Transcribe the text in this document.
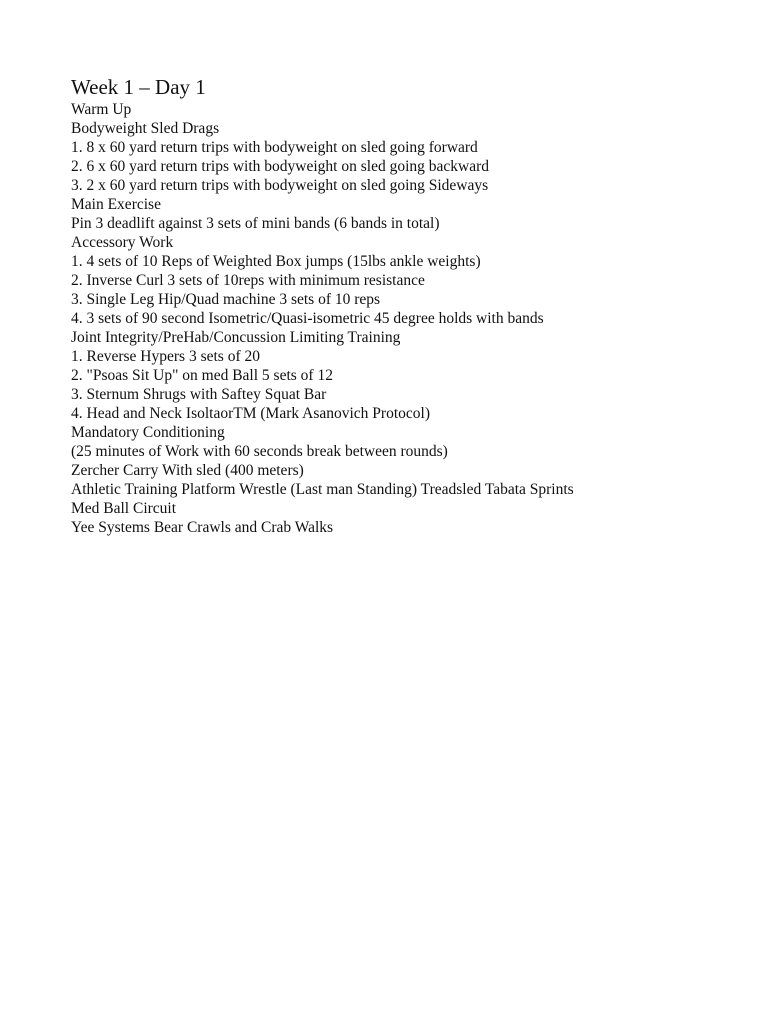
Week 1 – Day 1

Warm Up

Bodyweight Sled Drags

1. 8 x 60 yard return trips with bodyweight on sled going forward

2. 6 x 60 yard return trips with bodyweight on sled going backward

3. 2 x 60 yard return trips with bodyweight on sled going Sideways

Main Exercise

Pin 3 deadlift against 3 sets of mini bands (6 bands in total)

Accessory Work

1. 4 sets of 10 Reps of Weighted Box jumps (15lbs ankle weights)

2. Inverse Curl 3 sets of 10reps with minimum resistance

3. Single Leg Hip/Quad machine 3 sets of 10 reps

4. 3 sets of 90 second Isometric/Quasi-isometric 45 degree holds with bands

Joint Integrity/PreHab/Concussion Limiting Training

1. Reverse Hypers 3 sets of 20

2. "Psoas Sit Up" on med Ball 5 sets of 12

3. Sternum Shrugs with Saftey Squat Bar

4. Head and Neck IsoltaorTM (Mark Asanovich Protocol)

Mandatory Conditioning

(25 minutes of Work with 60 seconds break between rounds)

Zercher Carry With sled (400 meters)

Athletic Training Platform Wrestle (Last man Standing) Treadsled Tabata Sprints

Med Ball Circuit

Yee Systems Bear Crawls and Crab Walks
